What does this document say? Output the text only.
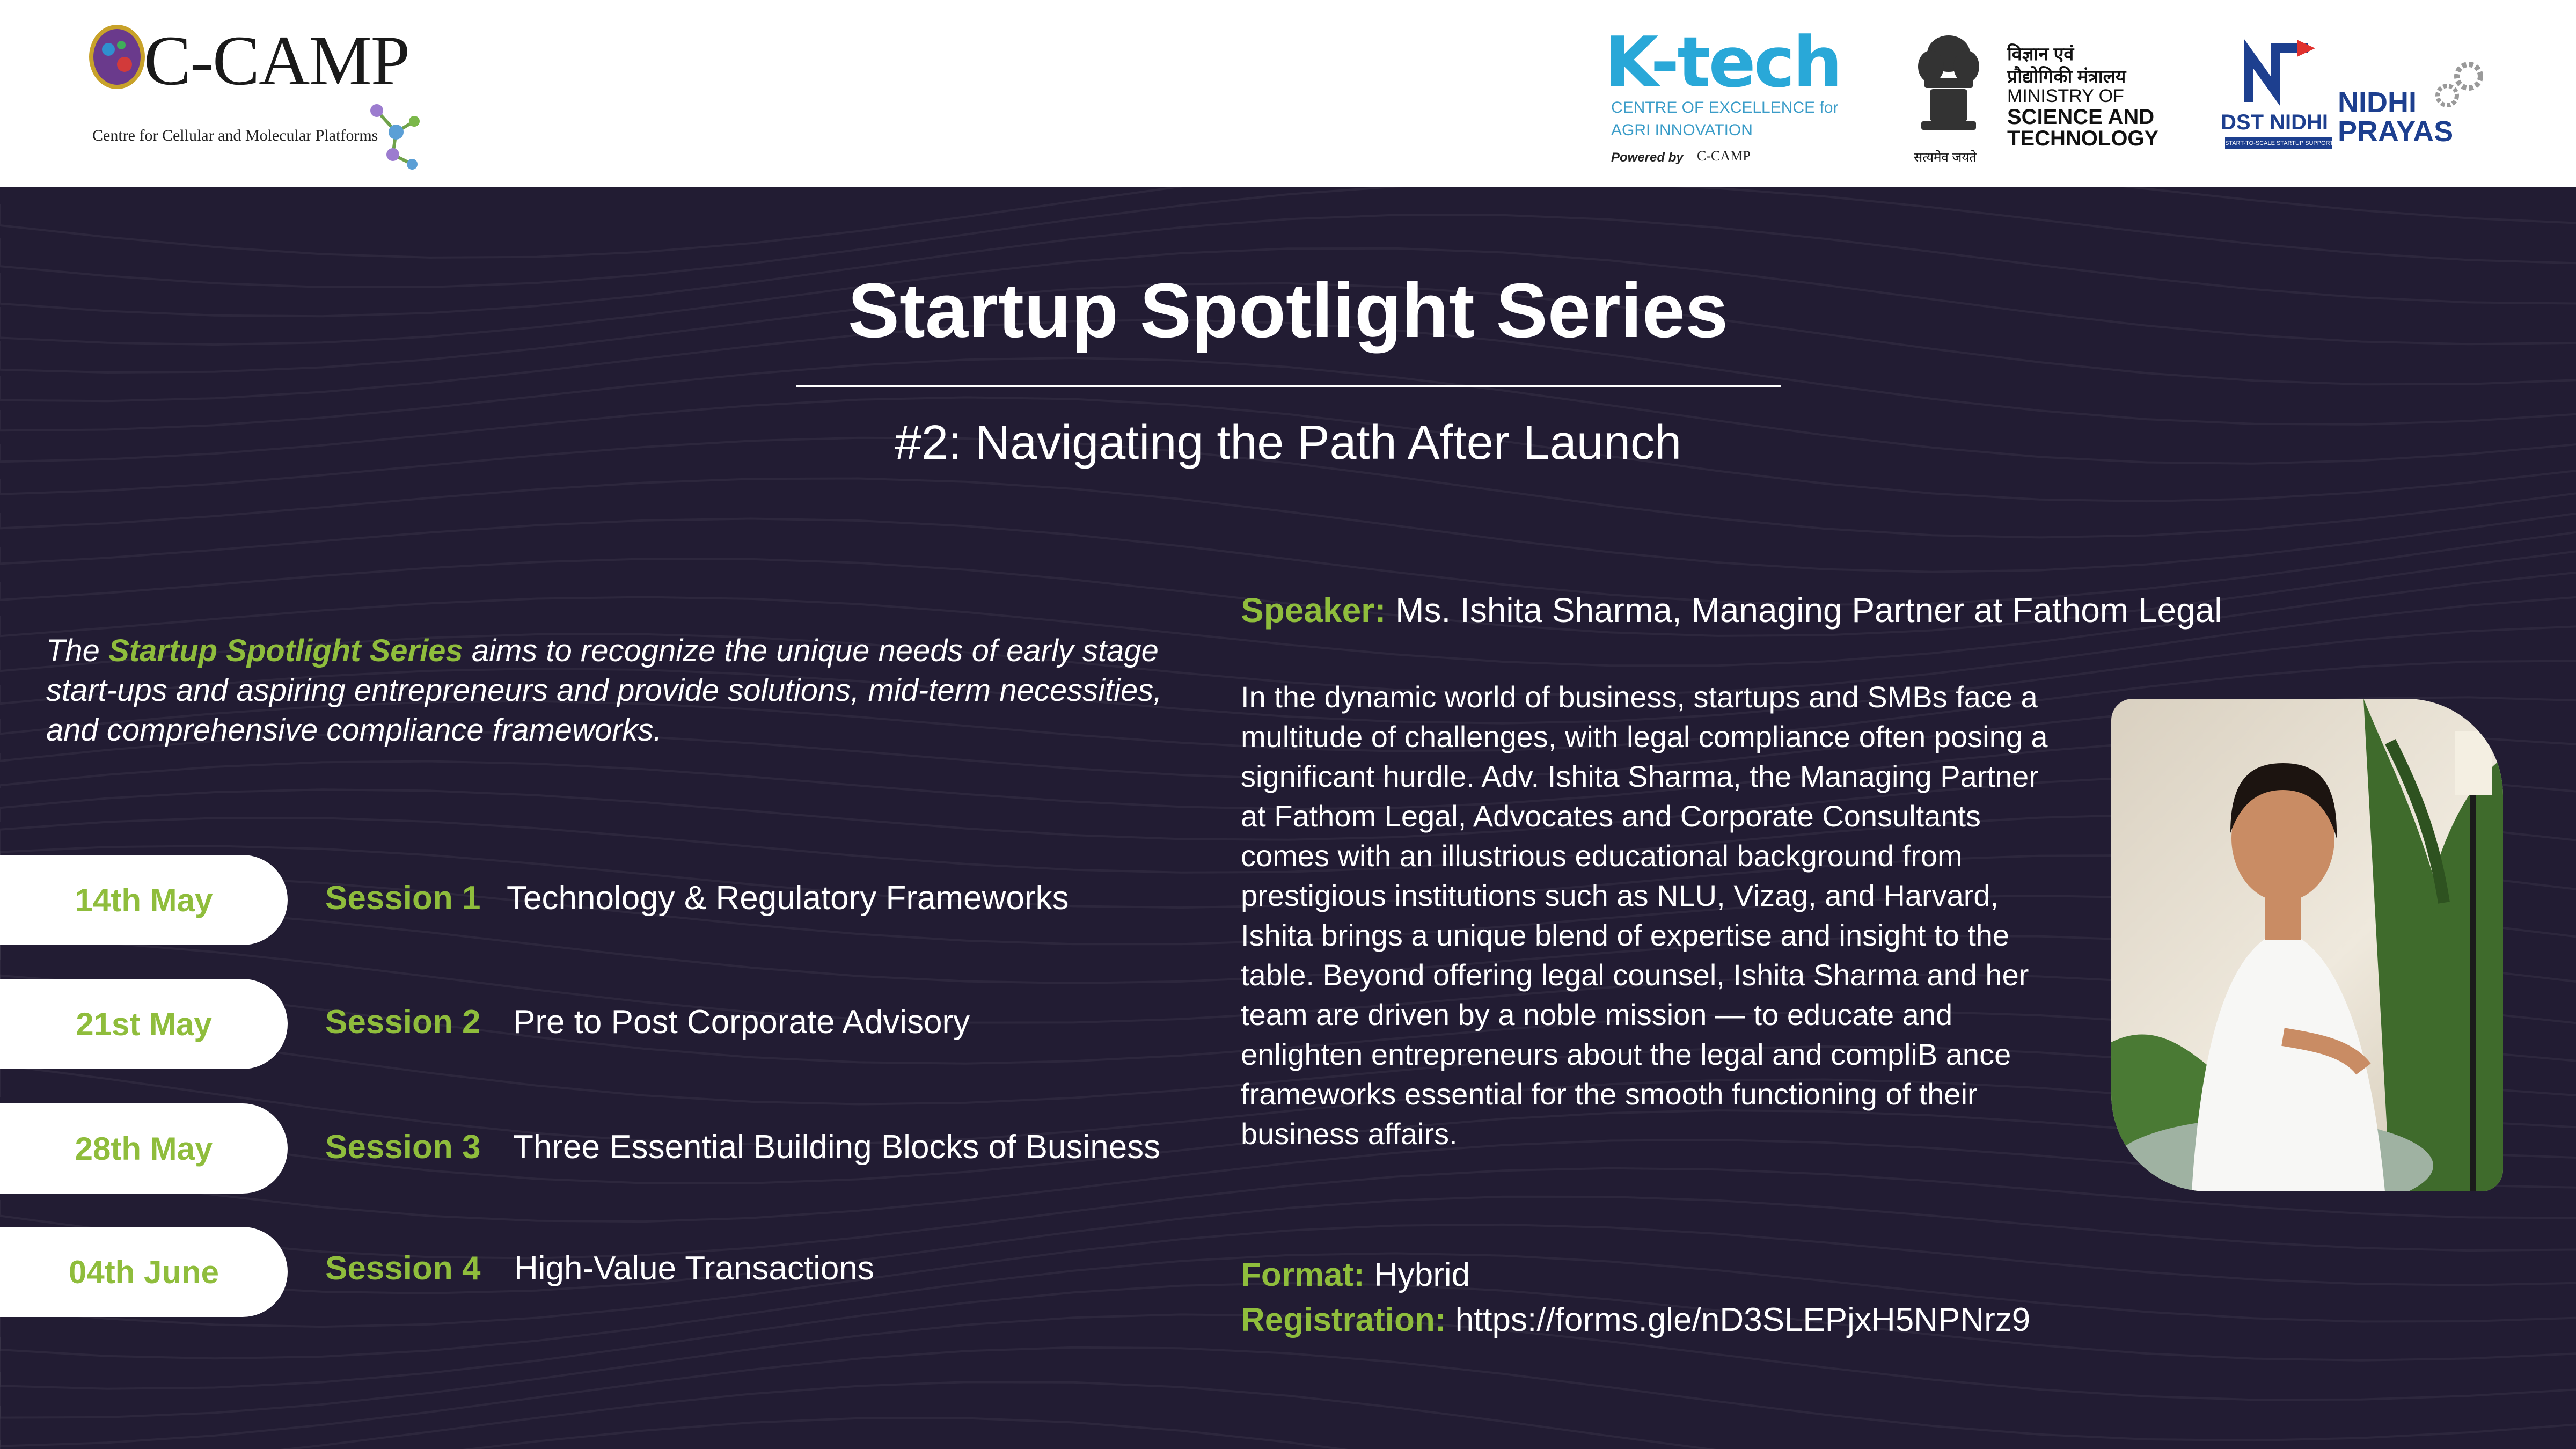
C-CAMP
Centre for Cellular and Molecular Platforms
K-tech
CENTRE OF EXCELLENCE for
AGRI INNOVATION
Powered by C-CAMP	सत्यमेव जयते
विज्ञान एवं
प्रौद्योगिकी मंत्रालय
MINISTRY OF
SCIENCE AND
TECHNOLOGY
DST NIDHI
START-TO-SCALE STARTUP SUPPORT
NIDHI
PRAYAS
Startup Spotlight Series
#2: Navigating the Path After Launch
The Startup Spotlight Series aims to recognize the unique needs of early stage start-ups and aspiring entrepreneurs and provide solutions, mid-term necessities, and comprehensive compliance frameworks.
14th May	Session 1 Technology & Regulatory Frameworks
21st May	Session 2 Pre to Post Corporate Advisory
28th May	Session 3 Three Essential Building Blocks of Business
04th June	Session 4 High-Value Transactions
Speaker: Ms. Ishita Sharma, Managing Partner at Fathom Legal
In the dynamic world of business, startups and SMBs face a multitude of challenges, with legal compliance often posing a significant hurdle. Adv. Ishita Sharma, the Managing Partner at Fathom Legal, Advocates and Corporate Consultants comes with an illustrious educational background from prestigious institutions such as NLU, Vizag, and Harvard, Ishita brings a unique blend of expertise and insight to the table. Beyond offering legal counsel, Ishita Sharma and her team are driven by a noble mission — to educate and enlighten entrepreneurs about the legal and compliB ance frameworks essential for the smooth functioning of their business affairs.
Format: Hybrid
Registration: https://forms.gle/nD3SLEPjxH5NPNrz9
